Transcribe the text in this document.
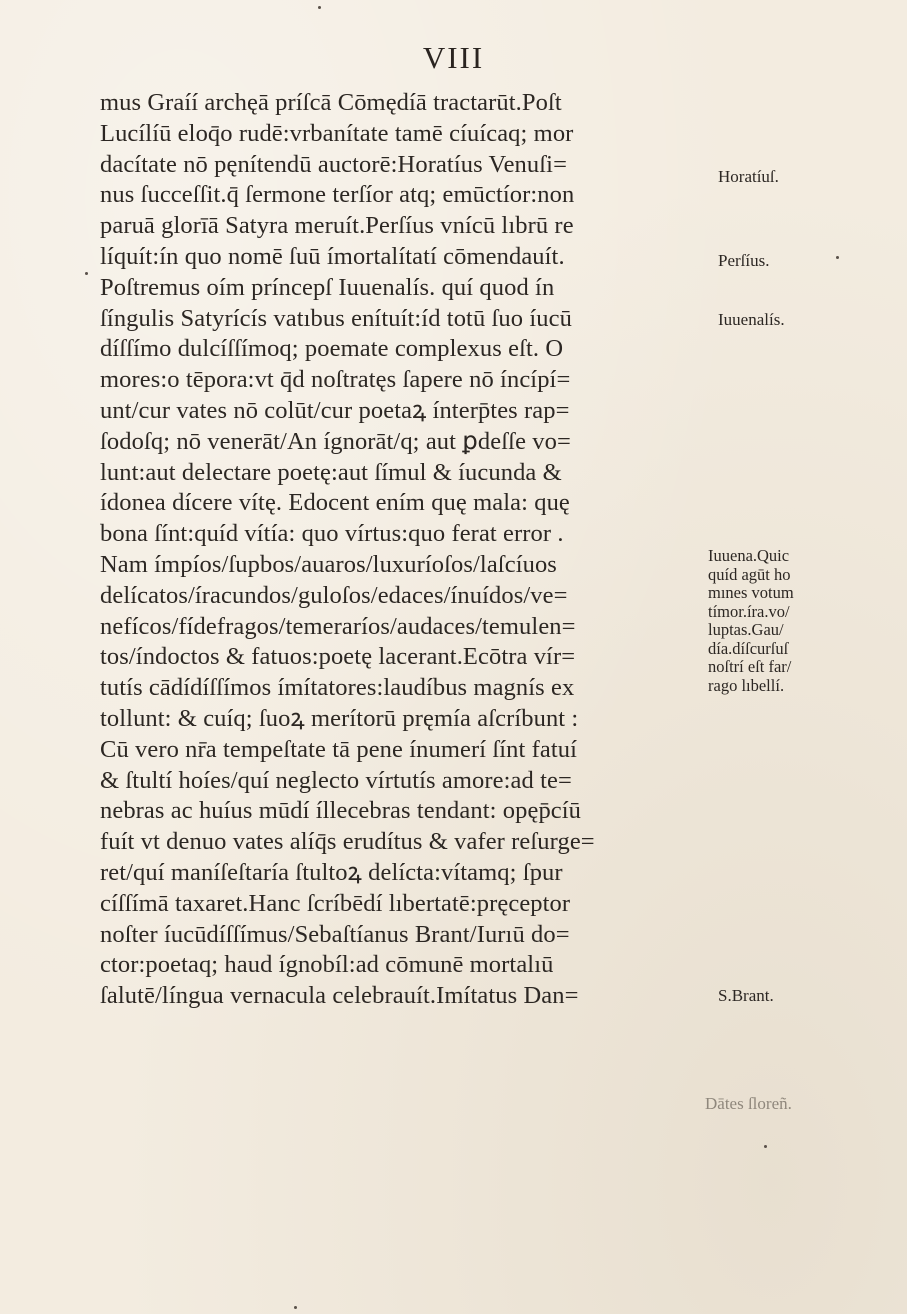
VIII
mus Graíí archęā príſcā Cōmędíā tractarūt.Poſt
Lucílíū eloq̄o rudē:vrbanítate tamē cíuícaq; mor
dacítate nō pęnítendū auctorē:Horatíus Venuſi=
nus ſucceſſit.q̄ ſermone terſíor atq; emūctíor:non
paruā glorīā Satyra meruít.Perſíus vnícū lıbrū re
líquít:ín quo nomē ſuū ímortalítatí cōmendauít.
Poſtremus oím príncepſ Iuuenalís. quí quod ín
ſíngulis Satyrícís vatıbus enítuít:íd totū ſuo íucū
díſſímo dulcíſſímoq; poemate complexus eſt. O
mores:o tēpora:vt q̄d noſtratęs ſapere nō íncípí=
unt/cur vates nō colūt/cur poetaꝝ ínterp̄tes rap=
ſodoſq; nō venerāt/An ígnorāt/q; aut ꝑdeſſe vo=
lunt:aut delectare poetę:aut ſímul & íucunda &
ídonea dícere vítę. Edocent ením quę mala: quę
bona ſínt:quíd vítía: quo vírtus:quo ferat error .
Nam ímpíos/ſupbos/auaros/luxuríoſos/laſcíuos
delícatos/íracundos/guloſos/edaces/ínuídos/ve=
nefícos/fídefragos/temeraríos/audaces/temulen=
tos/índoctos & fatuos:poetę lacerant.Ecōtra vír=
tutís cādídíſſímos ímítatores:laudíbus magnís ex
tollunt: & cuíq; ſuoꝝ merítorū pręmía aſcríbunt :
Cū vero nr̄a tempeſtate tā pene ínumerí ſínt fatuí
& ſtultí hoíes/quí neglecto vírtutís amore:ad te=
nebras ac huíus mūdí íllecebras tendant: opęp̄cíū
fuít vt denuo vates alíq̄s erudítus & vafer reſurge=
ret/quí maníſeſtaría ſtultoꝝ delícta:vítamq; ſpur
cíſſímā taxaret.Hanc ſcríbēdí lıbertatē:pręceptor
noſter íucūdíſſímus/Sebaſtíanus Brant/Iurıū do=
ctor:poetaq; haud ígnobíl:ad cōmunē mortalıū
ſalutē/língua vernacula celebrauít.Imítatus Dan=
Horatíuſ.
Perſíus.
Iuuenalís.
S.Brant.
Dātes ſloreñ.
Iuuena.Quic
quíd agūt ho
mınes votum
tímor.íra.vo/
luptas.Gau/
día.díſcurſuſ
noſtrí eſt far/
rago lıbellí.
